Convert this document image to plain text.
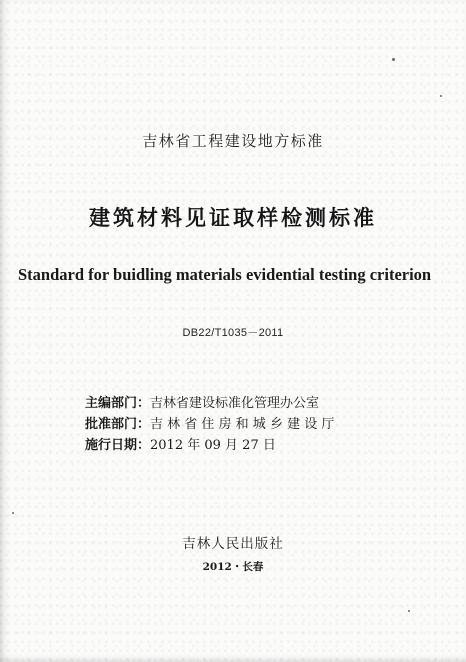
吉林省工程建设地方标准

建筑材料见证取样检测标准

Standard for buidling materials evidential testing criterion

DB22/T1035－2011

主编部门：吉林省建设标准化管理办公室
批准部门：吉 林 省 住 房 和 城 乡 建 设 厅
施行日期：2012 年 09 月 27 日

吉林人民出版社

2012・长春
